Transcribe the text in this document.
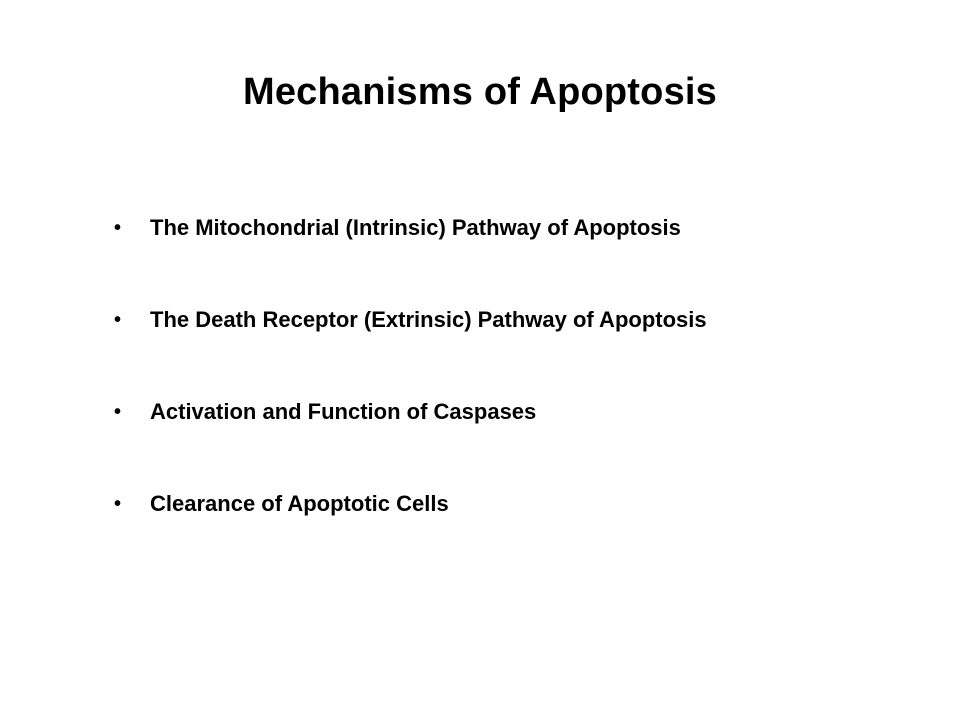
Mechanisms of Apoptosis
•	The Mitochondrial (Intrinsic) Pathway of Apoptosis
•	The Death Receptor (Extrinsic) Pathway of Apoptosis
•	Activation and Function of Caspases
•	Clearance of Apoptotic Cells
